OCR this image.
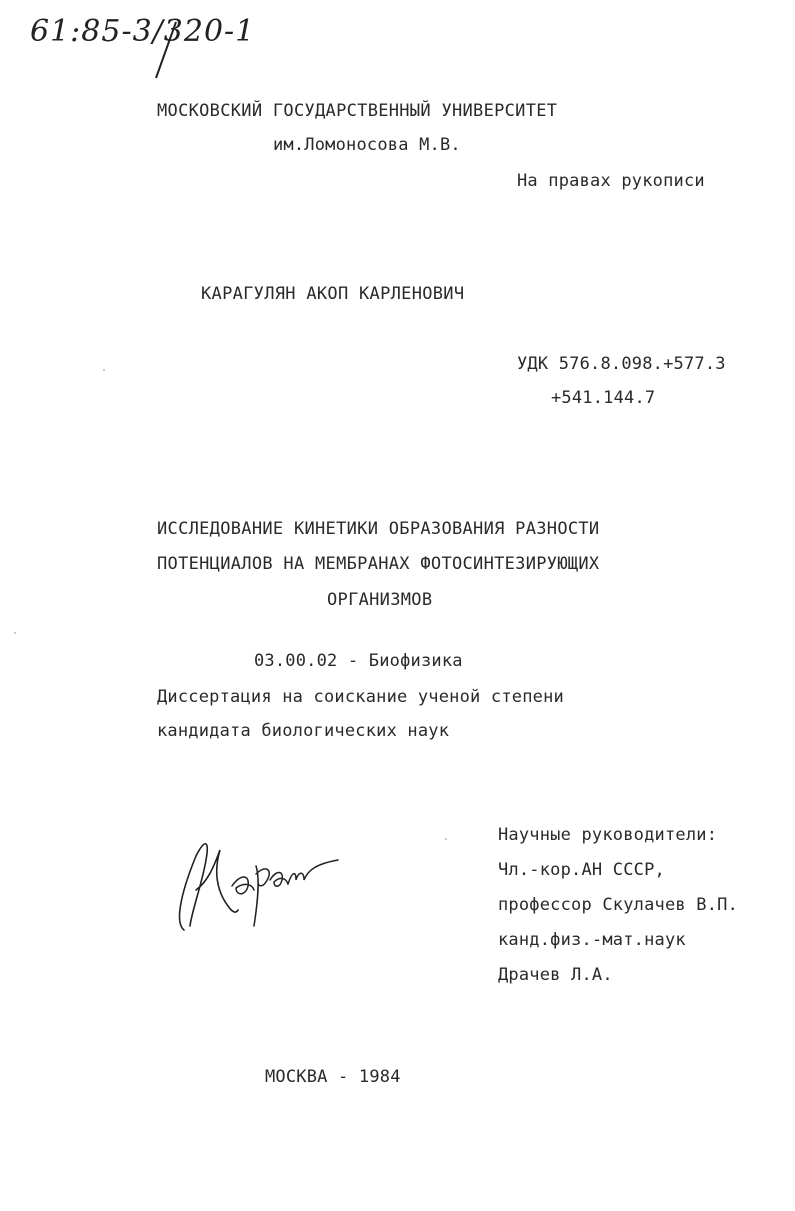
61:85-3/320-1
МОСКОВСКИЙ ГОСУДАРСТВЕННЫЙ УНИВЕРСИТЕТ
им.Ломоносова М.В.
На правах рукописи
КАРАГУЛЯН АКОП КАРЛЕНОВИЧ
УДК 576.8.098.+577.3
+541.144.7
ИССЛЕДОВАНИЕ КИНЕТИКИ ОБРАЗОВАНИЯ РАЗНОСТИ
ПОТЕНЦИАЛОВ НА МЕМБРАНАХ ФОТОСИНТЕЗИРУЮЩИХ
ОРГАНИЗМОВ
03.00.02 - Биофизика
Диссертация на соискание ученой степени
кандидата биологических наук
Научные руководители:
Чл.-кор.АН СССР,
профессор Скулачев В.П.
канд.физ.-мат.наук
Драчев Л.А.
МОСКВА - 1984
